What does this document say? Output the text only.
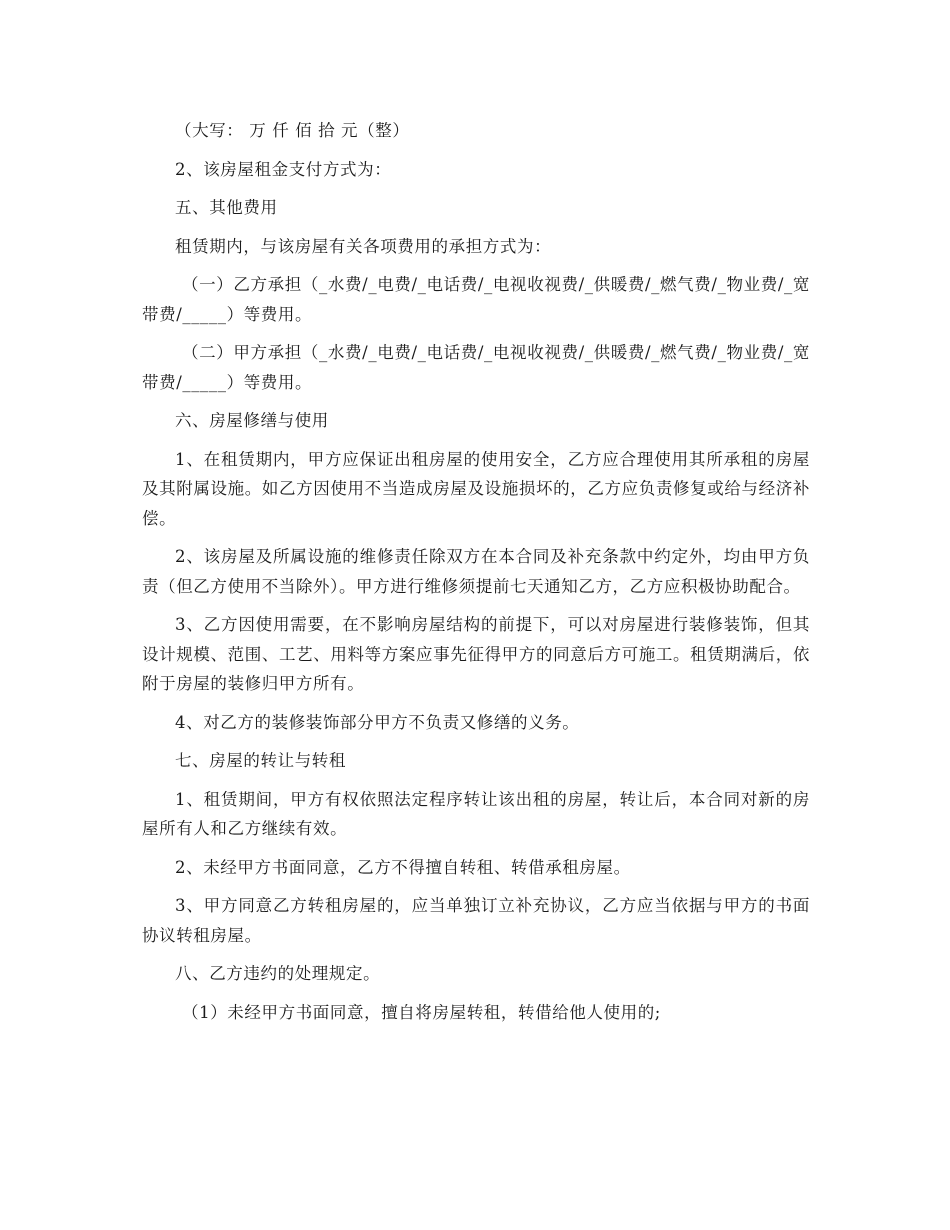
（大写： 万 仟 佰 拾 元（整）

2、该房屋租金支付方式为：

五、其他费用

租赁期内，与该房屋有关各项费用的承担方式为：

（一）乙方承担（_水费/_电费/_电话费/_电视收视费/_供暖费/_燃气费/_物业费/_宽带费/_____）等费用。

（二）甲方承担（_水费/_电费/_电话费/_电视收视费/_供暖费/_燃气费/_物业费/_宽带费/_____）等费用。

六、房屋修缮与使用

1、在租赁期内，甲方应保证出租房屋的使用安全，乙方应合理使用其所承租的房屋及其附属设施。如乙方因使用不当造成房屋及设施损坏的，乙方应负责修复或给与经济补偿。

2、该房屋及所属设施的维修责任除双方在本合同及补充条款中约定外，均由甲方负责（但乙方使用不当除外）。甲方进行维修须提前七天通知乙方，乙方应积极协助配合。

3、乙方因使用需要，在不影响房屋结构的前提下，可以对房屋进行装修装饰，但其设计规模、范围、工艺、用料等方案应事先征得甲方的同意后方可施工。租赁期满后，依附于房屋的装修归甲方所有。

4、对乙方的装修装饰部分甲方不负责又修缮的义务。

七、房屋的转让与转租

1、租赁期间，甲方有权依照法定程序转让该出租的房屋，转让后，本合同对新的房屋所有人和乙方继续有效。

2、未经甲方书面同意，乙方不得擅自转租、转借承租房屋。

3、甲方同意乙方转租房屋的，应当单独订立补充协议，乙方应当依据与甲方的书面协议转租房屋。

八、乙方违约的处理规定。

（1）未经甲方书面同意，擅自将房屋转租，转借给他人使用的;
